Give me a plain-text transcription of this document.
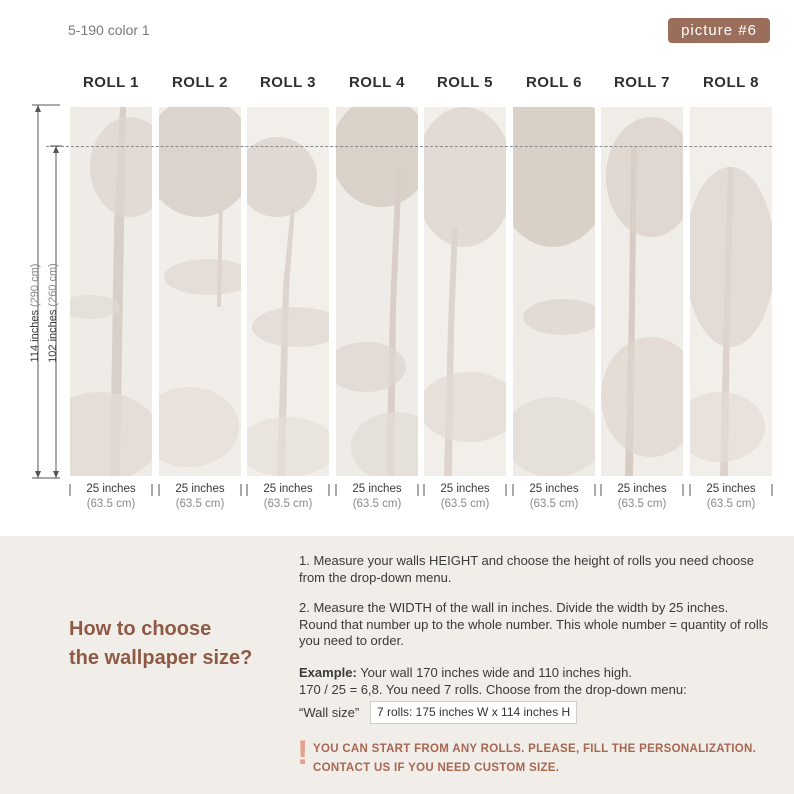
5-190 color 1	picture #6
ROLL 1	ROLL 2	ROLL 3	ROLL 4	ROLL 5	ROLL 6	ROLL 7	ROLL 8
114 inches (290 cm)
102 inches (260 cm)
25 inches
(63.5 cm)
25 inches
(63.5 cm)
25 inches
(63.5 cm)
25 inches
(63.5 cm)
25 inches
(63.5 cm)
25 inches
(63.5 cm)
25 inches
(63.5 cm)
25 inches
(63.5 cm)
How to choose
the wallpaper size?
1. Measure your walls HEIGHT and choose the height of rolls you need choose from the drop-down menu.
2. Measure the WIDTH of the wall in inches. Divide the width by 25 inches. Round that number up to the whole number. This whole number = quantity of rolls you need to order.
Example: Your wall 170 inches wide and 110 inches high.
170 / 25 = 6,8. You need 7 rolls. Choose from the drop-down menu:
“Wall size”	7 rolls: 175 inches W x 114 inches H
! YOU CAN START FROM ANY ROLLS. PLEASE, FILL THE PERSONALIZATION.
CONTACT US IF YOU NEED CUSTOM SIZE.
